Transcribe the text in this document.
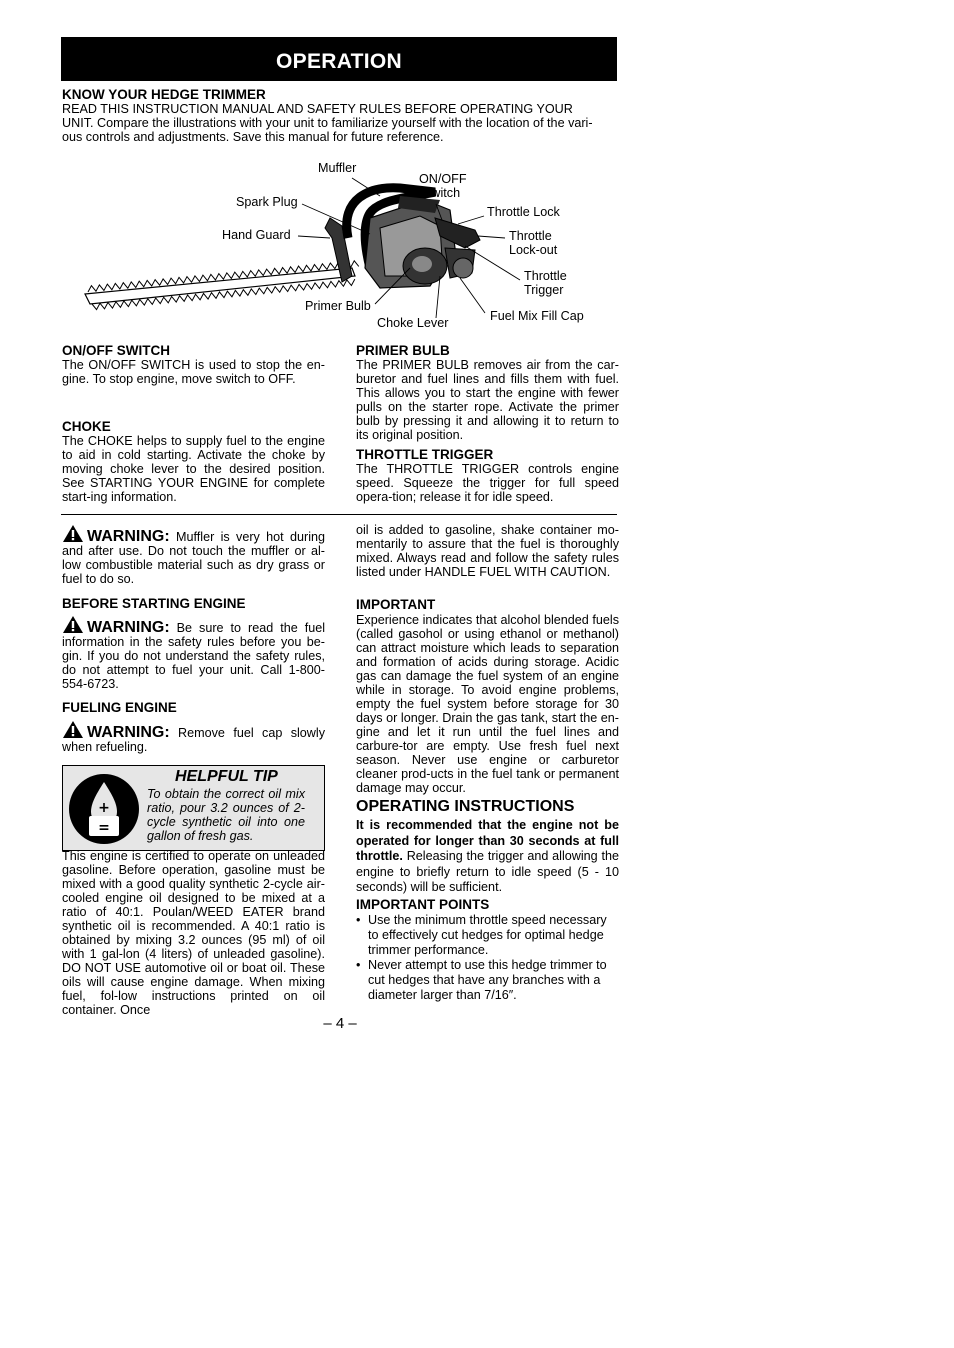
OPERATION
KNOW YOUR HEDGE TRIMMER
READ THIS INSTRUCTION MANUAL AND SAFETY RULES BEFORE OPERATING YOUR
UNIT. Compare the illustrations with your unit to familiarize yourself with the location of the vari-
ous controls and adjustments. Save this manual for future reference.
Muffler
ON/OFF
Switch
Spark Plug
Throttle Lock
Hand Guard	Throttle
Lock-out
Throttle
Trigger
Primer Bulb
Fuel Mix Fill Cap
Choke Lever
ON/OFF SWITCH
The ON/OFF SWITCH is used to stop the en-gine. To stop engine, move switch to OFF.
CHOKE
The CHOKE helps to supply fuel to the engine to aid in cold starting. Activate the choke by moving choke lever to the desired position. See STARTING YOUR ENGINE for complete start-ing information.
PRIMER BULB
The PRIMER BULB removes air from the car-buretor and fuel lines and fills them with fuel. This allows you to start the engine with fewer pulls on the starter rope. Activate the primer bulb by pressing it and allowing it to return to its original position.
THROTTLE TRIGGER
The THROTTLE TRIGGER controls engine speed. Squeeze the trigger for full speed opera-tion; release it for idle speed.
WARNING: Muffler is very hot during and after use. Do not touch the muffler or al-low combustible material such as dry grass or fuel to do so.
BEFORE STARTING ENGINE
WARNING: Be sure to read the fuel information in the safety rules before you be-gin. If you do not understand the safety rules, do not attempt to fuel your unit. Call 1-800-554-6723.
FUELING ENGINE
WARNING: Remove fuel cap slowly when refueling.
+
=
HELPFUL TIP
To obtain the correct oil mix ratio, pour 3.2 ounces of 2-cycle synthetic oil into one gallon of fresh gas.
This engine is certified to operate on unleaded gasoline. Before operation, gasoline must be mixed with a good quality synthetic 2-cycle air-cooled engine oil designed to be mixed at a ratio of 40:1. Poulan/WEED EATER brand synthetic oil is recommended. A 40:1 ratio is obtained by mixing 3.2 ounces (95 ml) of oil with 1 gal-lon (4 liters) of unleaded gasoline). DO NOT USE automotive oil or boat oil. These oils will cause engine damage. When mixing fuel, fol-low instructions printed on oil container. Once
oil is added to gasoline, shake container mo-mentarily to assure that the fuel is thoroughly mixed. Always read and follow the safety rules listed under HANDLE FUEL WITH CAUTION.
IMPORTANT
Experience indicates that alcohol blended fuels (called gasohol or using ethanol or methanol) can attract moisture which leads to separation and formation of acids during storage. Acidic gas can damage the fuel system of an engine while in storage. To avoid engine problems, empty the fuel system before storage for 30 days or longer. Drain the gas tank, start the en-gine and let it run until the fuel lines and carbure-tor are empty. Use fresh fuel next season. Never use engine or carburetor cleaner prod-ucts in the fuel tank or permanent damage may occur.
OPERATING INSTRUCTIONS
It is recommended that the engine not be operated for longer than 30 seconds at full throttle. Releasing the trigger and allowing the engine to briefly return to idle speed (5 - 10 seconds) will be sufficient.
IMPORTANT POINTS
• Use the minimum throttle speed necessary to effectively cut hedges for optimal hedge trimmer performance.
• Never attempt to use this hedge trimmer to cut hedges that have any branches with a diameter larger than 7/16″.
– 4 –
